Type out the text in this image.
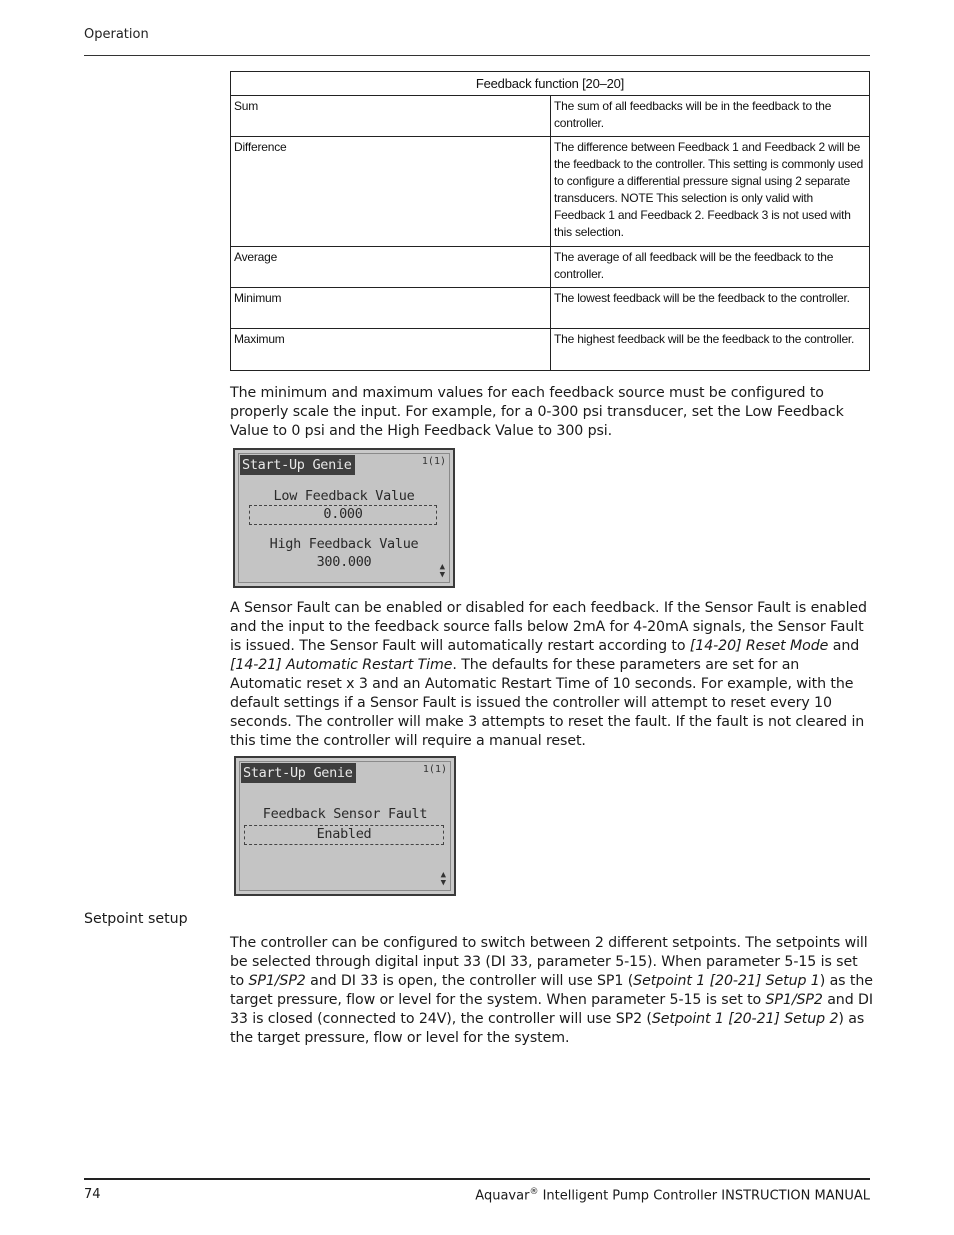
Operation
Feedback function [20–20]	
Sum	The sum of all feedbacks will be in the feedback to the controller.
Difference	The difference between Feedback 1 and Feedback 2 will be the feedback to the controller. This setting is commonly used to configure a differential pressure signal using 2 separate transducers. NOTE This selection is only valid with Feedback 1 and Feedback 2. Feedback 3 is not used with this selection.
Average	The average of all feedback will be the feedback to the controller.
Minimum	The lowest feedback will be the feedback to the controller.
Maximum	The highest feedback will be the feedback to the controller.
The minimum and maximum values for each feedback source must be configured to properly scale the input. For example, for a 0-300 psi transducer, set the Low Feedback Value to 0 psi and the High Feedback Value to 300 psi.
Start-Up Genie	1(1)
Low Feedback Value
0.000
High Feedback Value
300.000	▲
▼
A Sensor Fault can be enabled or disabled for each feedback. If the Sensor Fault is enabled and the input to the feedback source falls below 2mA for 4-20mA signals, the Sensor Fault is issued. The Sensor Fault will automatically restart according to [14-20] Reset Mode and [14-21] Automatic Restart Time. The defaults for these parameters are set for an Automatic reset x 3 and an Automatic Restart Time of 10 seconds. For example, with the default settings if a Sensor Fault is issued the controller will attempt to reset every 10 seconds. The controller will make 3 attempts to reset the fault. If the fault is not cleared in this time the controller will require a manual reset.
Start-Up Genie	1(1)
Feedback Sensor Fault
Enabled
▲
▼
Setpoint setup
The controller can be configured to switch between 2 different setpoints. The setpoints will be selected through digital input 33 (DI 33, parameter 5-15). When parameter 5-15 is set to SP1/SP2 and DI 33 is open, the controller will use SP1 (Setpoint 1 [20-21] Setup 1) as the target pressure, flow or level for the system. When parameter 5-15 is set to SP1/SP2 and DI 33 is closed (connected to 24V), the controller will use SP2 (Setpoint 1 [20-21] Setup 2) as the target pressure, flow or level for the system.
74	Aquavar® Intelligent Pump Controller INSTRUCTION MANUAL
